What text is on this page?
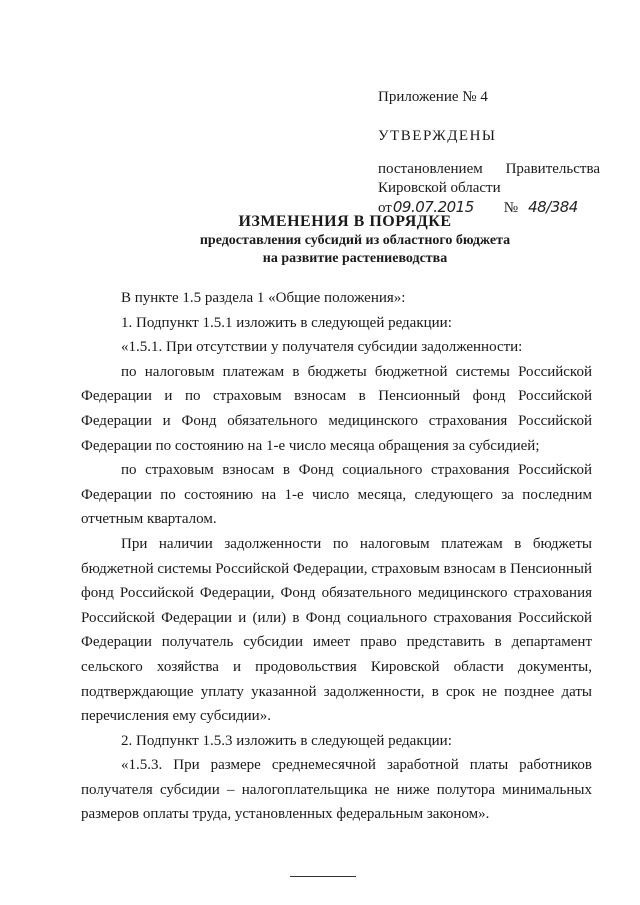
Приложение № 4

УТВЕРЖДЕНЫ

постановлением Правительства

Кировской области

от 09.07.2015 № 48/384

ИЗМЕНЕНИЯ В ПОРЯДКЕ
предоставления субсидий из областного бюджета
на развитие растениеводства

В пункте 1.5 раздела 1 «Общие положения»:

1. Подпункт 1.5.1 изложить в следующей редакции:

«1.5.1. При отсутствии у получателя субсидии задолженности:

по налоговым платежам в бюджеты бюджетной системы Российской Федерации и по страховым взносам в Пенсионный фонд Российской Федерации и Фонд обязательного медицинского страхования Российской Федерации по состоянию на 1-е число месяца обращения за субсидией;

по страховым взносам в Фонд социального страхования Российской Федерации по состоянию на 1-е число месяца, следующего за последним отчетным кварталом.

При наличии задолженности по налоговым платежам в бюджеты бюджетной системы Российской Федерации, страховым взносам в Пенсионный фонд Российской Федерации, Фонд обязательного медицинского страхования Российской Федерации и (или) в Фонд социального страхования Российской Федерации получатель субсидии имеет право представить в департамент сельского хозяйства и продовольствия Кировской области документы, подтверждающие уплату указанной задолженности, в срок не позднее даты перечисления ему субсидии».

2. Подпункт 1.5.3 изложить в следующей редакции:

«1.5.3. При размере среднемесячной заработной платы работников получателя субсидии – налогоплательщика не ниже полутора минимальных размеров оплаты труда, установленных федеральным законом».
